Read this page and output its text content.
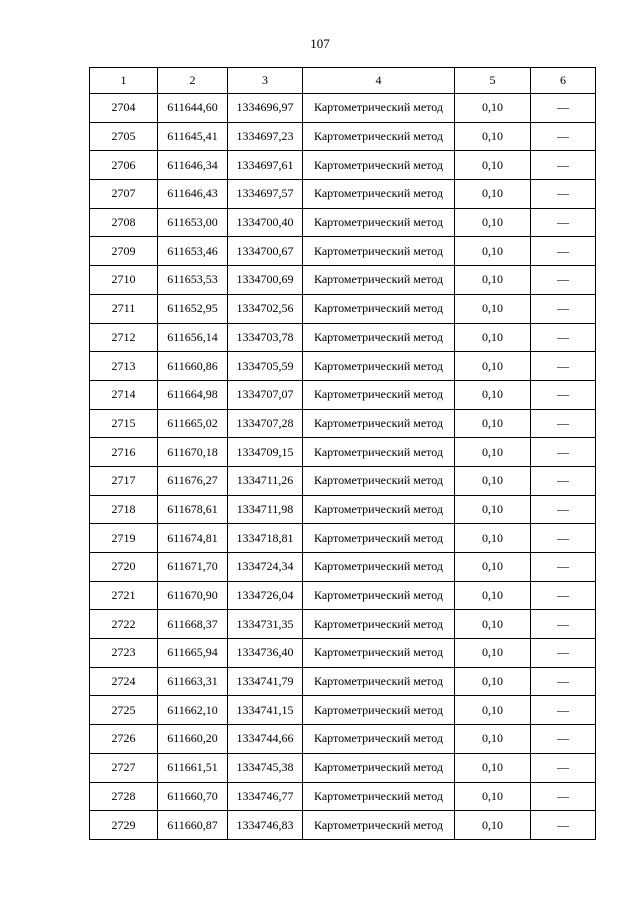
107
1	2	3	4	5	6
2704	611644,60	1334696,97	Картометрический метод	0,10	—
2705	611645,41	1334697,23	Картометрический метод	0,10	—
2706	611646,34	1334697,61	Картометрический метод	0,10	—
2707	611646,43	1334697,57	Картометрический метод	0,10	—
2708	611653,00	1334700,40	Картометрический метод	0,10	—
2709	611653,46	1334700,67	Картометрический метод	0,10	—
2710	611653,53	1334700,69	Картометрический метод	0,10	—
2711	611652,95	1334702,56	Картометрический метод	0,10	—
2712	611656,14	1334703,78	Картометрический метод	0,10	—
2713	611660,86	1334705,59	Картометрический метод	0,10	—
2714	611664,98	1334707,07	Картометрический метод	0,10	—
2715	611665,02	1334707,28	Картометрический метод	0,10	—
2716	611670,18	1334709,15	Картометрический метод	0,10	—
2717	611676,27	1334711,26	Картометрический метод	0,10	—
2718	611678,61	1334711,98	Картометрический метод	0,10	—
2719	611674,81	1334718,81	Картометрический метод	0,10	—
2720	611671,70	1334724,34	Картометрический метод	0,10	—
2721	611670,90	1334726,04	Картометрический метод	0,10	—
2722	611668,37	1334731,35	Картометрический метод	0,10	—
2723	611665,94	1334736,40	Картометрический метод	0,10	—
2724	611663,31	1334741,79	Картометрический метод	0,10	—
2725	611662,10	1334741,15	Картометрический метод	0,10	—
2726	611660,20	1334744,66	Картометрический метод	0,10	—
2727	611661,51	1334745,38	Картометрический метод	0,10	—
2728	611660,70	1334746,77	Картометрический метод	0,10	—
2729	611660,87	1334746,83	Картометрический метод	0,10	—
